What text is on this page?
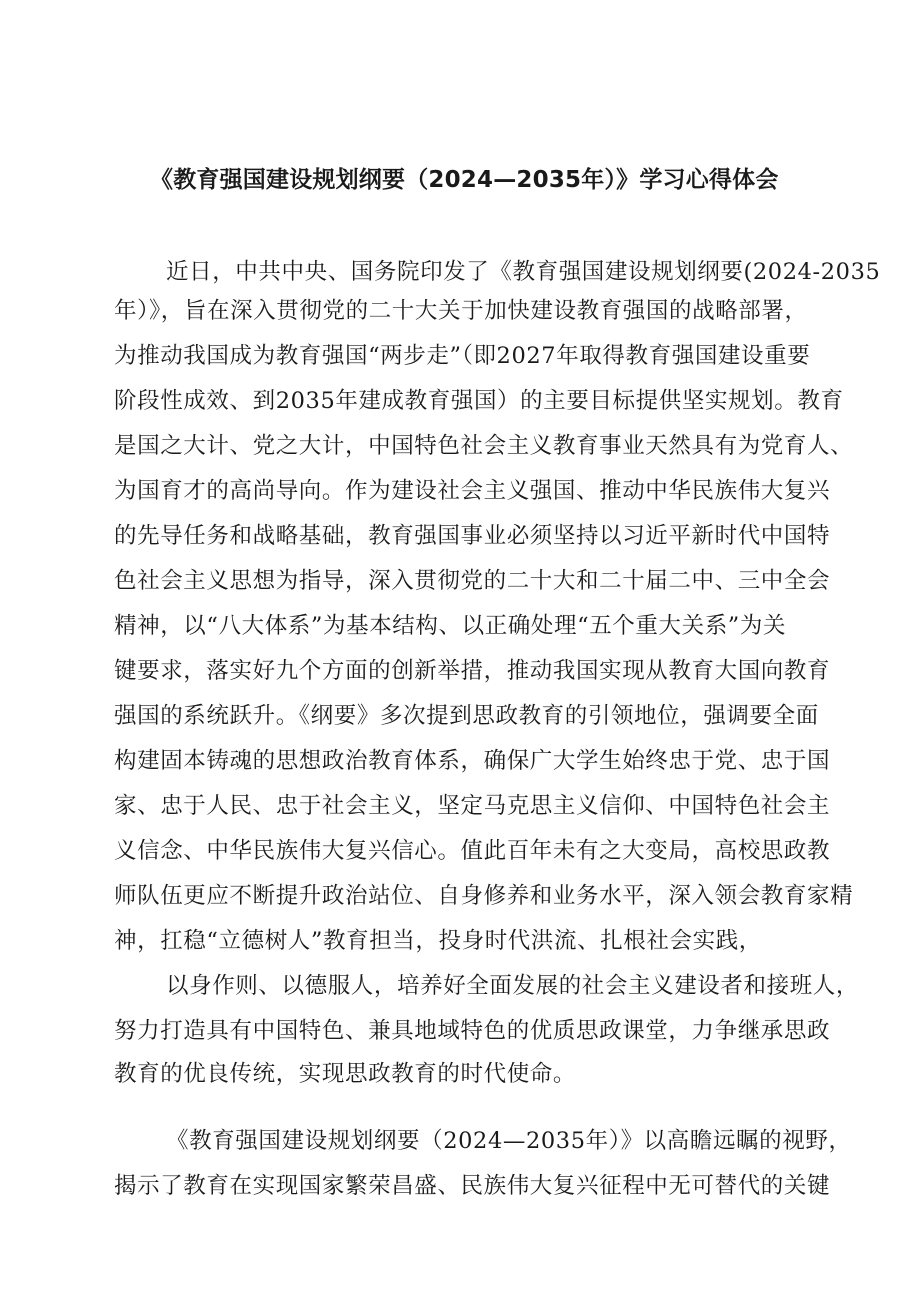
《教育强国建设规划纲要（2024—2035年）》学习心得体会
近日，中共中央、国务院印发了《教育强国建设规划纲要(2024-2035
年）》，旨在深入贯彻党的二十大关于加快建设教育强国的战略部署，
为推动我国成为教育强国“两步走”（即2027年取得教育强国建设重要
阶段性成效、到2035年建成教育强国）的主要目标提供坚实规划。教育
是国之大计、党之大计，中国特色社会主义教育事业天然具有为党育人、
为国育才的高尚导向。作为建设社会主义强国、推动中华民族伟大复兴
的先导任务和战略基础，教育强国事业必须坚持以习近平新时代中国特
色社会主义思想为指导，深入贯彻党的二十大和二十届二中、三中全会
精神，以“八大体系”为基本结构、以正确处理“五个重大关系”为关
键要求，落实好九个方面的创新举措，推动我国实现从教育大国向教育
强国的系统跃升。《纲要》多次提到思政教育的引领地位，强调要全面
构建固本铸魂的思想政治教育体系，确保广大学生始终忠于党、忠于国
家、忠于人民、忠于社会主义，坚定马克思主义信仰、中国特色社会主
义信念、中华民族伟大复兴信心。值此百年未有之大变局，高校思政教
师队伍更应不断提升政治站位、自身修养和业务水平，深入领会教育家精
神，扛稳“立德树人”教育担当，投身时代洪流、扎根社会实践，
以身作则、以德服人，培养好全面发展的社会主义建设者和接班人，
努力打造具有中国特色、兼具地域特色的优质思政课堂，力争继承思政
教育的优良传统，实现思政教育的时代使命。
《教育强国建设规划纲要（2024—2035年）》以高瞻远瞩的视野，
揭示了教育在实现国家繁荣昌盛、民族伟大复兴征程中无可替代的关键
